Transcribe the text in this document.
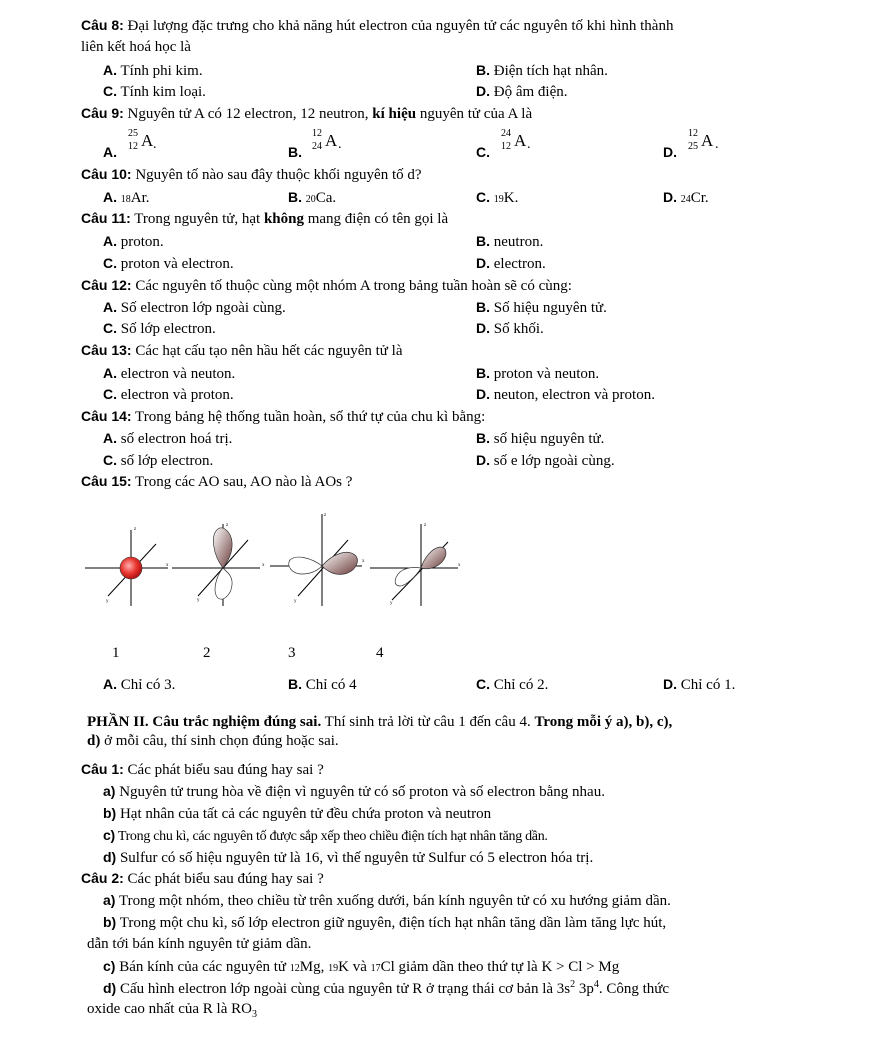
Câu 8: Đại lượng đặc trưng cho khả năng hút electron của nguyên tử các nguyên tố khi hình thành
liên kết hoá học là
A. Tính phi kim.	B. Điện tích hạt nhân.
C. Tính kim loại.	D. Độ âm điện.
Câu 9: Nguyên tử A có 12 electron, 12 neutron, kí hiệu nguyên tử của A là
A.
25
12 A .	B.
12
24 A .	C.
24
12 A .	D.
12
25 A .
Câu 10: Nguyên tố nào sau đây thuộc khối nguyên tố d?
A. 18Ar.	B. 20Ca.	C. 19K.	D. 24Cr.
Câu 11: Trong nguyên tử, hạt không mang điện có tên gọi là
A. proton.	B. neutron.
C. proton và electron.	D. electron.
Câu 12: Các nguyên tố thuộc cùng một nhóm A trong bảng tuần hoàn sẽ có cùng:
A. Số electron lớp ngoài cùng.	B. Số hiệu nguyên tử.
C. Số lớp electron.	D. Số khối.
Câu 13: Các hạt cấu tạo nên hầu hết các nguyên tử là
A. electron và neuton.	B. proton và neuton.
C. electron và proton.	D. neuton, electron và proton.
Câu 14: Trong bảng hệ thống tuần hoàn, số thứ tự của chu kì bằng:
A. số electron hoá trị.	B. số hiệu nguyên tử.
C. số lớp electron.	D. số e lớp ngoài cùng.
Câu 15: Trong các AO sau, AO nào là AOs ?
z
x
y
z
x
y
z
x
y
z
x
y
1	2	3	4
A. Chỉ có 3.	B. Chỉ có 4	C. Chỉ có 2.	D. Chỉ có 1.
PHẦN II. Câu trắc nghiệm đúng sai. Thí sinh trả lời từ câu 1 đến câu 4. Trong mỗi ý a), b), c),
d) ở mỗi câu, thí sinh chọn đúng hoặc sai.
Câu 1: Các phát biểu sau đúng hay sai ?
a) Nguyên tử trung hòa về điện vì nguyên tử có số proton và số electron bằng nhau.
b) Hạt nhân của tất cả các nguyên tử đều chứa proton và neutron
c) Trong chu kì, các nguyên tố được sắp xếp theo chiều điện tích hạt nhân tăng dần.
d) Sulfur có số hiệu nguyên tử là 16, vì thế nguyên tử Sulfur có 5 electron hóa trị.
Câu 2: Các phát biểu sau đúng hay sai ?
a) Trong một nhóm, theo chiều từ trên xuống dưới, bán kính nguyên tử có xu hướng giảm dần.
b) Trong một chu kì, số lớp electron giữ nguyên, điện tích hạt nhân tăng dần làm tăng lực hút,
dẫn tới bán kính nguyên tử giảm dần.
c) Bán kính của các nguyên tử 12Mg, 19K và 17Cl giảm dần theo thứ tự là K > Cl > Mg
d) Cấu hình electron lớp ngoài cùng của nguyên tử R ở trạng thái cơ bản là $3s^2$ $3p^4$. Công thức
oxide cao nhất của R là $RO_3$
